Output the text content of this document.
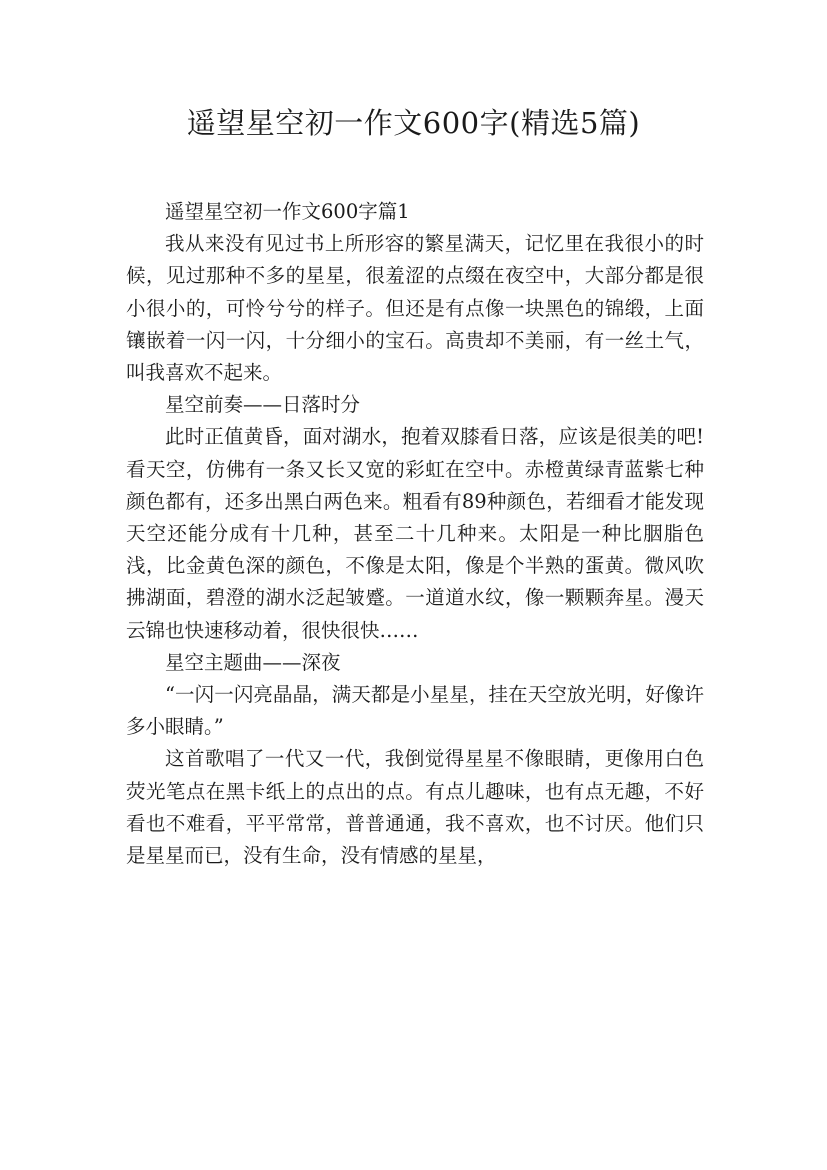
遥望星空初一作文600字(精选5篇)

遥望星空初一作文600字篇1

我从来没有见过书上所形容的繁星满天，记忆里在我很小的时候，见过那种不多的星星，很羞涩的点缀在夜空中，大部分都是很小很小的，可怜兮兮的样子。但还是有点像一块黑色的锦缎，上面镶嵌着一闪一闪，十分细小的宝石。高贵却不美丽，有一丝土气，叫我喜欢不起来。

星空前奏——日落时分

此时正值黄昏，面对湖水，抱着双膝看日落，应该是很美的吧!看天空，仿佛有一条又长又宽的彩虹在空中。赤橙黄绿青蓝紫七种颜色都有，还多出黑白两色来。粗看有89种颜色，若细看才能发现天空还能分成有十几种，甚至二十几种来。太阳是一种比胭脂色浅，比金黄色深的颜色，不像是太阳，像是个半熟的蛋黄。微风吹拂湖面，碧澄的湖水泛起皱蹙。一道道水纹，像一颗颗奔星。漫天云锦也快速移动着，很快很快……

星空主题曲——深夜

“一闪一闪亮晶晶，满天都是小星星，挂在天空放光明，好像许多小眼睛。”

这首歌唱了一代又一代，我倒觉得星星不像眼睛，更像用白色荧光笔点在黑卡纸上的点出的点。有点儿趣味，也有点无趣，不好看也不难看，平平常常，普普通通，我不喜欢，也不讨厌。他们只是星星而已，没有生命，没有情感的星星，
